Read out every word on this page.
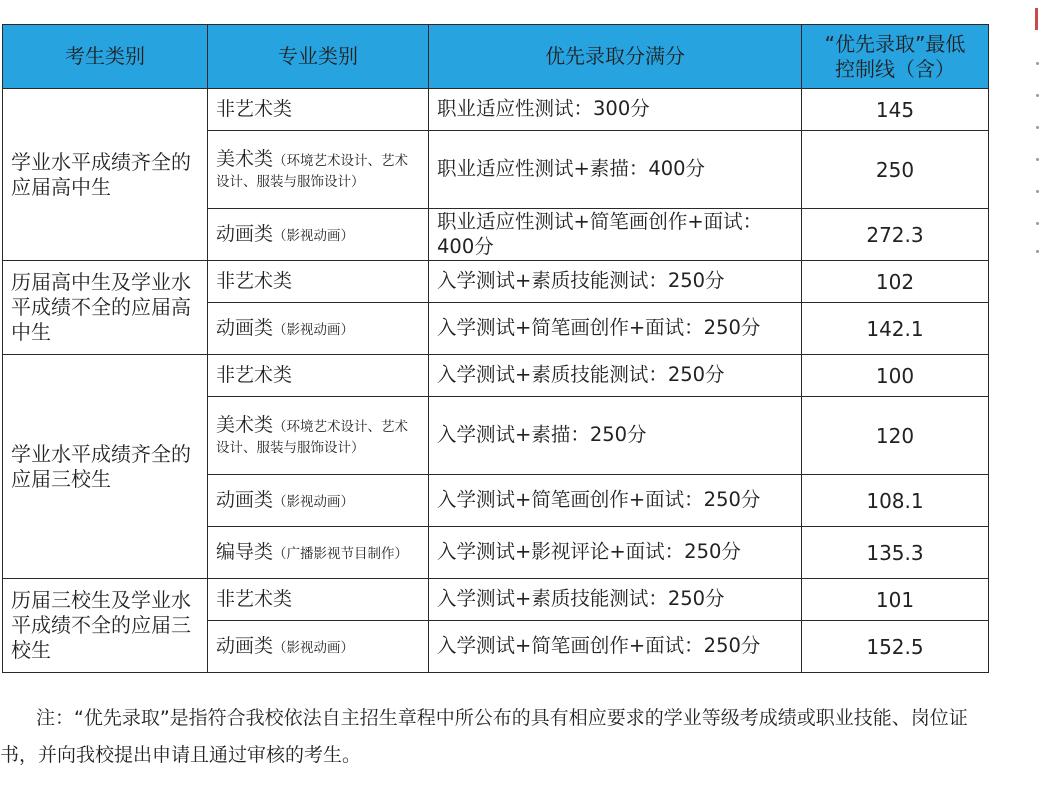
考生类别	专业类别	优先录取分满分	“优先录取”最低
控制线（含）

学业水平成绩齐全的应届高中生	非艺术类	职业适应性测试：300分	145
	美术类（环境艺术设计、艺术设计、服装与服饰设计）	职业适应性测试+素描：400分	250
	动画类（影视动画）	职业适应性测试+简笔画创作+面试：400分	272.3
历届高中生及学业水平成绩不全的应届高中生	非艺术类	入学测试+素质技能测试：250分	102
	动画类（影视动画）	入学测试+简笔画创作+面试：250分	142.1
学业水平成绩齐全的应届三校生	非艺术类	入学测试+素质技能测试：250分	100
	美术类（环境艺术设计、艺术设计、服装与服饰设计）	入学测试+素描：250分	120
	动画类（影视动画）	入学测试+简笔画创作+面试：250分	108.1
	编导类（广播影视节目制作）	入学测试+影视评论+面试：250分	135.3
历届三校生及学业水平成绩不全的应届三校生	非艺术类	入学测试+素质技能测试：250分	101
	动画类（影视动画）	入学测试+简笔画创作+面试：250分	152.5

注：“优先录取”是指符合我校依法自主招生章程中所公布的具有相应要求的学业等级考成绩或职业技能、岗位证书，并向我校提出申请且通过审核的考生。
